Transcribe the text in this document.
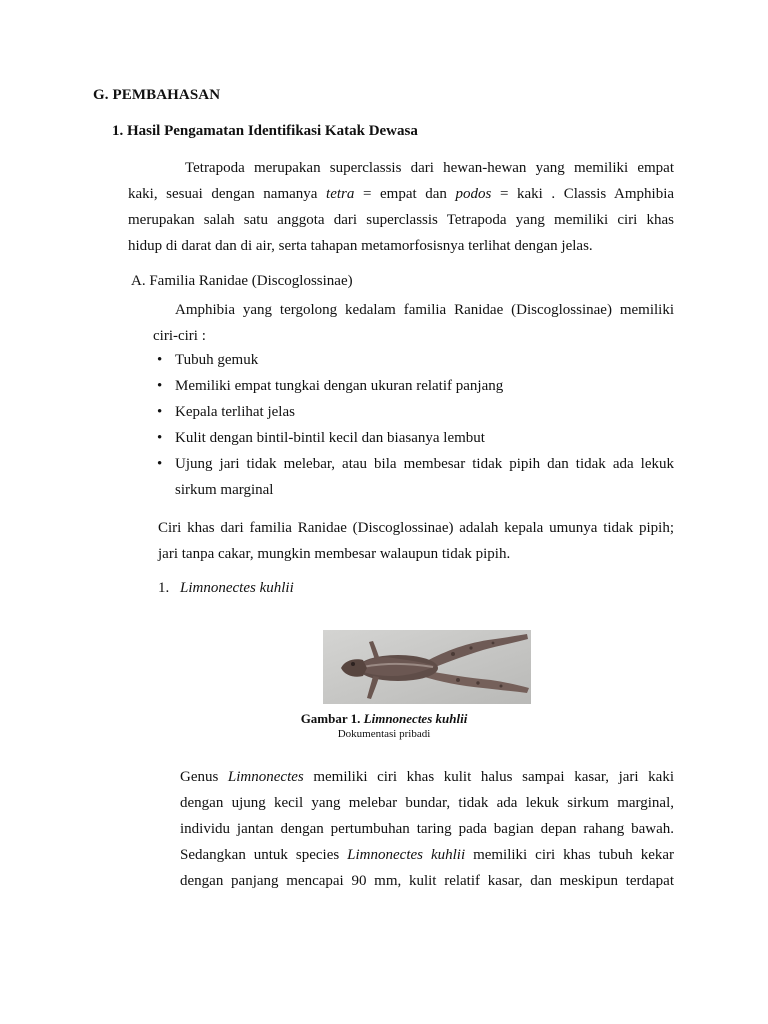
G. PEMBAHASAN
1. Hasil Pengamatan Identifikasi Katak Dewasa
Tetrapoda merupakan superclassis dari hewan-hewan yang memiliki empat
kaki, sesuai dengan namanya tetra = empat dan podos = kaki . Classis Amphibia
merupakan salah satu anggota dari superclassis Tetrapoda yang memiliki ciri khas
hidup di darat dan di air, serta tahapan metamorfosisnya terlihat dengan jelas.
A. Familia Ranidae (Discoglossinae)
Amphibia yang tergolong kedalam familia Ranidae (Discoglossinae) memiliki
ciri-ciri :
• Tubuh gemuk
• Memiliki empat tungkai dengan ukuran relatif panjang
• Kepala terlihat jelas
• Kulit dengan bintil-bintil kecil dan biasanya lembut
• Ujung jari tidak melebar, atau bila membesar tidak pipih dan tidak ada lekuk
sirkum marginal
Ciri khas dari familia Ranidae (Discoglossinae) adalah kepala umunya tidak pipih;
jari tanpa cakar, mungkin membesar walaupun tidak pipih.
1. Limnonectes kuhlii
Gambar 1. Limnonectes kuhlii
Dokumentasi pribadi
Genus Limnonectes memiliki ciri khas kulit halus sampai kasar, jari kaki
dengan ujung kecil yang melebar bundar, tidak ada lekuk sirkum marginal,
individu jantan dengan pertumbuhan taring pada bagian depan rahang bawah.
Sedangkan untuk species Limnonectes kuhlii memiliki ciri khas tubuh kekar
dengan panjang mencapai 90 mm, kulit relatif kasar, dan meskipun terdapat
